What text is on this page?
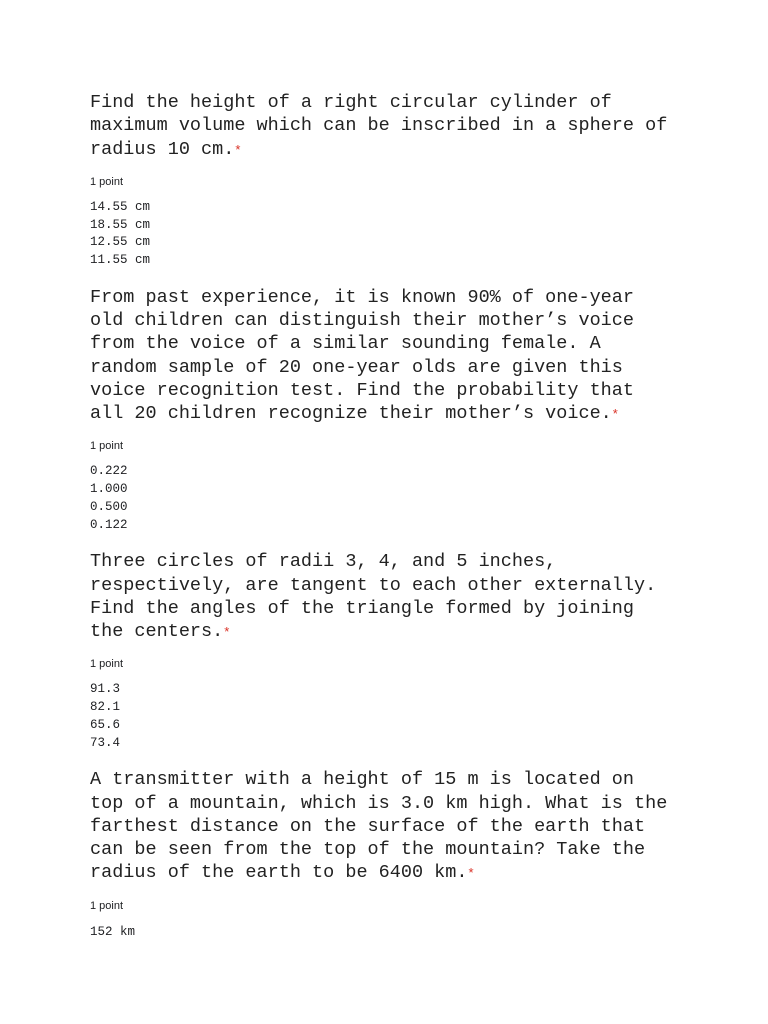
Find the height of a right circular cylinder of
maximum volume which can be inscribed in a sphere of
radius 10 cm.*

1 point
14.55 cm
18.55 cm
12.55 cm
11.55 cm

From past experience, it is known 90% of one-year
old children can distinguish their mother’s voice
from the voice of a similar sounding female. A
random sample of 20 one-year olds are given this
voice recognition test. Find the probability that
all 20 children recognize their mother’s voice.*

1 point
0.222
1.000
0.500
0.122

Three circles of radii 3, 4, and 5 inches,
respectively, are tangent to each other externally.
Find the angles of the triangle formed by joining
the centers.*

1 point
91.3
82.1
65.6
73.4

A transmitter with a height of 15 m is located on
top of a mountain, which is 3.0 km high. What is the
farthest distance on the surface of the earth that
can be seen from the top of the mountain? Take the
radius of the earth to be 6400 km.*

1 point
152 km
